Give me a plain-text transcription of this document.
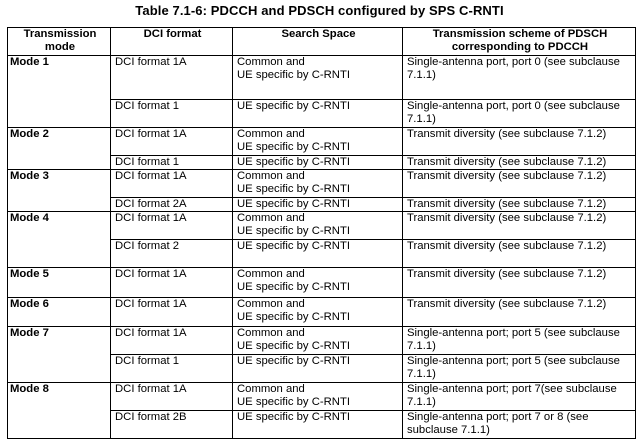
Table 7.1-6: PDCCH and PDSCH configured by SPS C-RNTI
Transmission mode	DCI format	Search Space	Transmission scheme of PDSCH corresponding to PDCCH
Mode 1	DCI format 1A	Common and
UE specific by C-RNTI	Single-antenna port, port 0 (see subclause 7.1.1)
	DCI format 1	UE specific by C-RNTI	Single-antenna port, port 0 (see subclause 7.1.1)
Mode 2	DCI format 1A	Common and
UE specific by C-RNTI	Transmit diversity (see subclause 7.1.2)
	DCI format 1	UE specific by C-RNTI	Transmit diversity (see subclause 7.1.2)
Mode 3	DCI format 1A	Common and
UE specific by C-RNTI	Transmit diversity (see subclause 7.1.2)
	DCI format 2A	UE specific by C-RNTI	Transmit diversity (see subclause 7.1.2)
Mode 4	DCI format 1A	Common and
UE specific by C-RNTI	Transmit diversity (see subclause 7.1.2)
	DCI format 2	UE specific by C-RNTI	Transmit diversity (see subclause 7.1.2)
Mode 5	DCI format 1A	Common and
UE specific by C-RNTI	Transmit diversity (see subclause 7.1.2)
Mode 6	DCI format 1A	Common and
UE specific by C-RNTI	Transmit diversity (see subclause 7.1.2)
Mode 7	DCI format 1A	Common and
UE specific by C-RNTI	Single-antenna port; port 5 (see subclause 7.1.1)
	DCI format 1	UE specific by C-RNTI	Single-antenna port; port 5 (see subclause 7.1.1)
Mode 8	DCI format 1A	Common and
UE specific by C-RNTI	Single-antenna port; port 7(see subclause 7.1.1)
	DCI format 2B	UE specific by C-RNTI	Single-antenna port; port 7 or 8 (see subclause 7.1.1)
